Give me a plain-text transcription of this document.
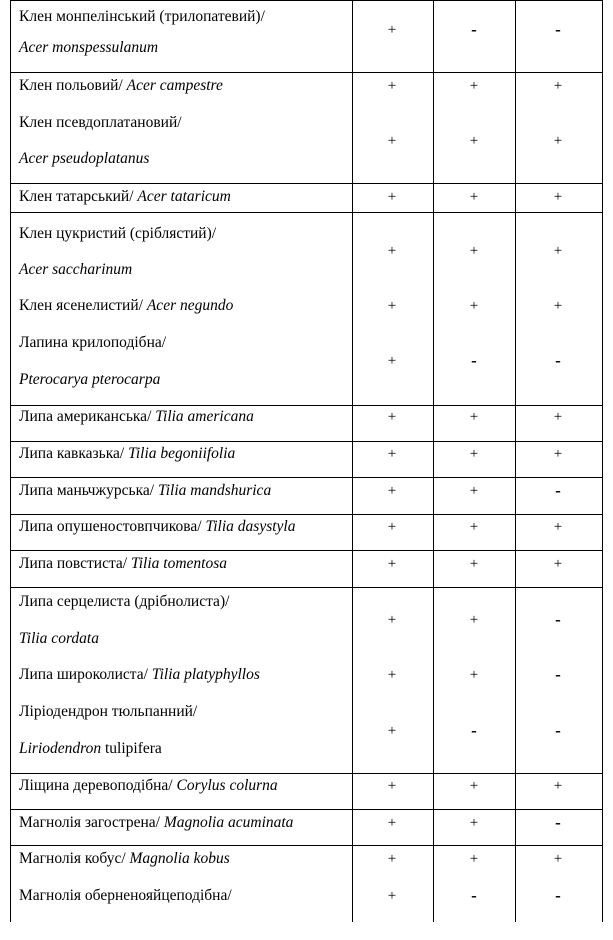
Клен монпелінський (трилопатевий)/
Acer monspessulanum
+	-	-
Клен польовий/ Acer campestre	+	+	+
Клен псевдоплатановий/
Acer pseudoplatanus
+	+	+
Клен татарський/ Acer tataricum	+	+	+
Клен цукристий (сріблястий)/
Acer saccharinum
+	+	+
Клен ясенелистий/ Acer negundo	+	+	+
Лапина крилоподібна/
Pterocarya pterocarpa
+	-	-
Липа американська/ Tilia americana	+	+	+
Липа кавказька/ Tilia begoniifolia	+	+	+
Липа маньчжурська/ Tilia mandshurica	+	+	-
Липа опушеностовпчикова/ Tilia dasystyla	+	+	+
Липа повстиста/ Tilia tomentosa	+	+	+
Липа серцелиста (дрібнолиста)/
Tilia cordata
+	+	-
Липа широколиста/ Tilia platyphyllos	+	+	-
Ліріодендрон тюльпанний/
Liriodendron tulipifera
+	-	-
Ліщина деревоподібна/ Corylus colurna	+	+	+
Магнолія загострена/ Magnolia acuminata	+	+	-
Магнолія кобус/ Magnolia kobus	+	+	+
Магнолія оберненояйцеподібна/	+	-	-
